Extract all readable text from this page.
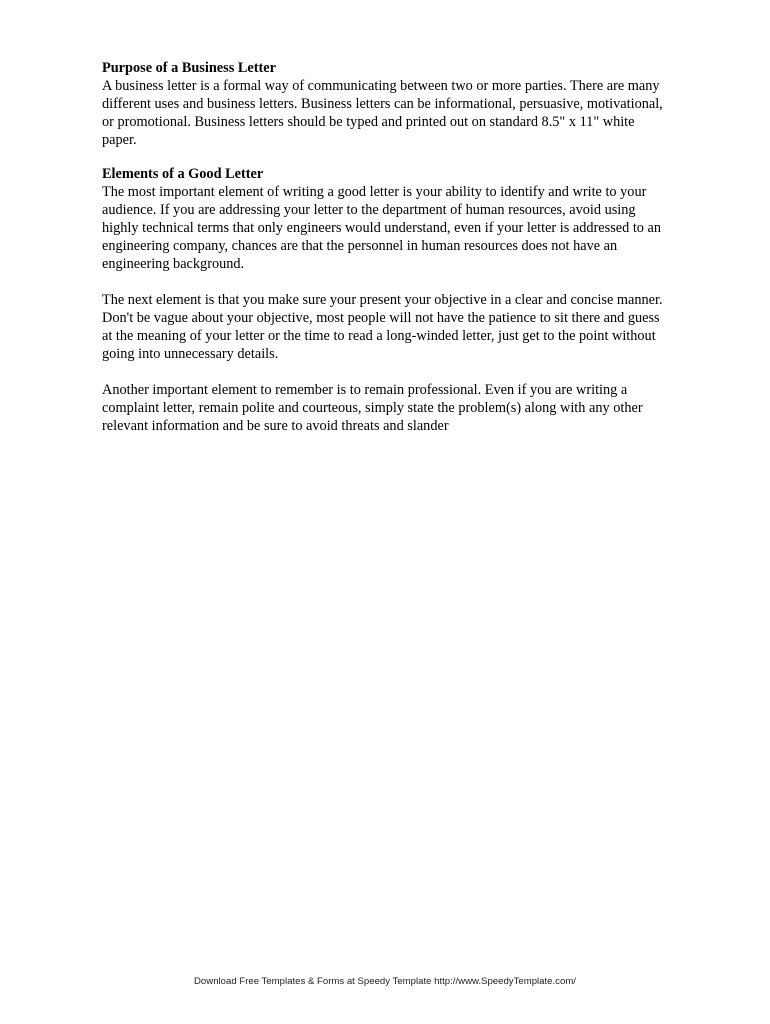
Purpose of a Business Letter

A business letter is a formal way of communicating between two or more parties. There are many different uses and business letters. Business letters can be informational, persuasive, motivational, or promotional. Business letters should be typed and printed out on standard 8.5" x 11" white paper.

Elements of a Good Letter

The most important element of writing a good letter is your ability to identify and write to your audience. If you are addressing your letter to the department of human resources, avoid using highly technical terms that only engineers would understand, even if your letter is addressed to an engineering company, chances are that the personnel in human resources does not have an engineering background.

The next element is that you make sure your present your objective in a clear and concise manner. Don't be vague about your objective, most people will not have the patience to sit there and guess at the meaning of your letter or the time to read a long-winded letter, just get to the point without going into unnecessary details.

Another important element to remember is to remain professional. Even if you are writing a complaint letter, remain polite and courteous, simply state the problem(s) along with any other relevant information and be sure to avoid threats and slander

Download Free Templates & Forms at Speedy Template http://www.SpeedyTemplate.com/
